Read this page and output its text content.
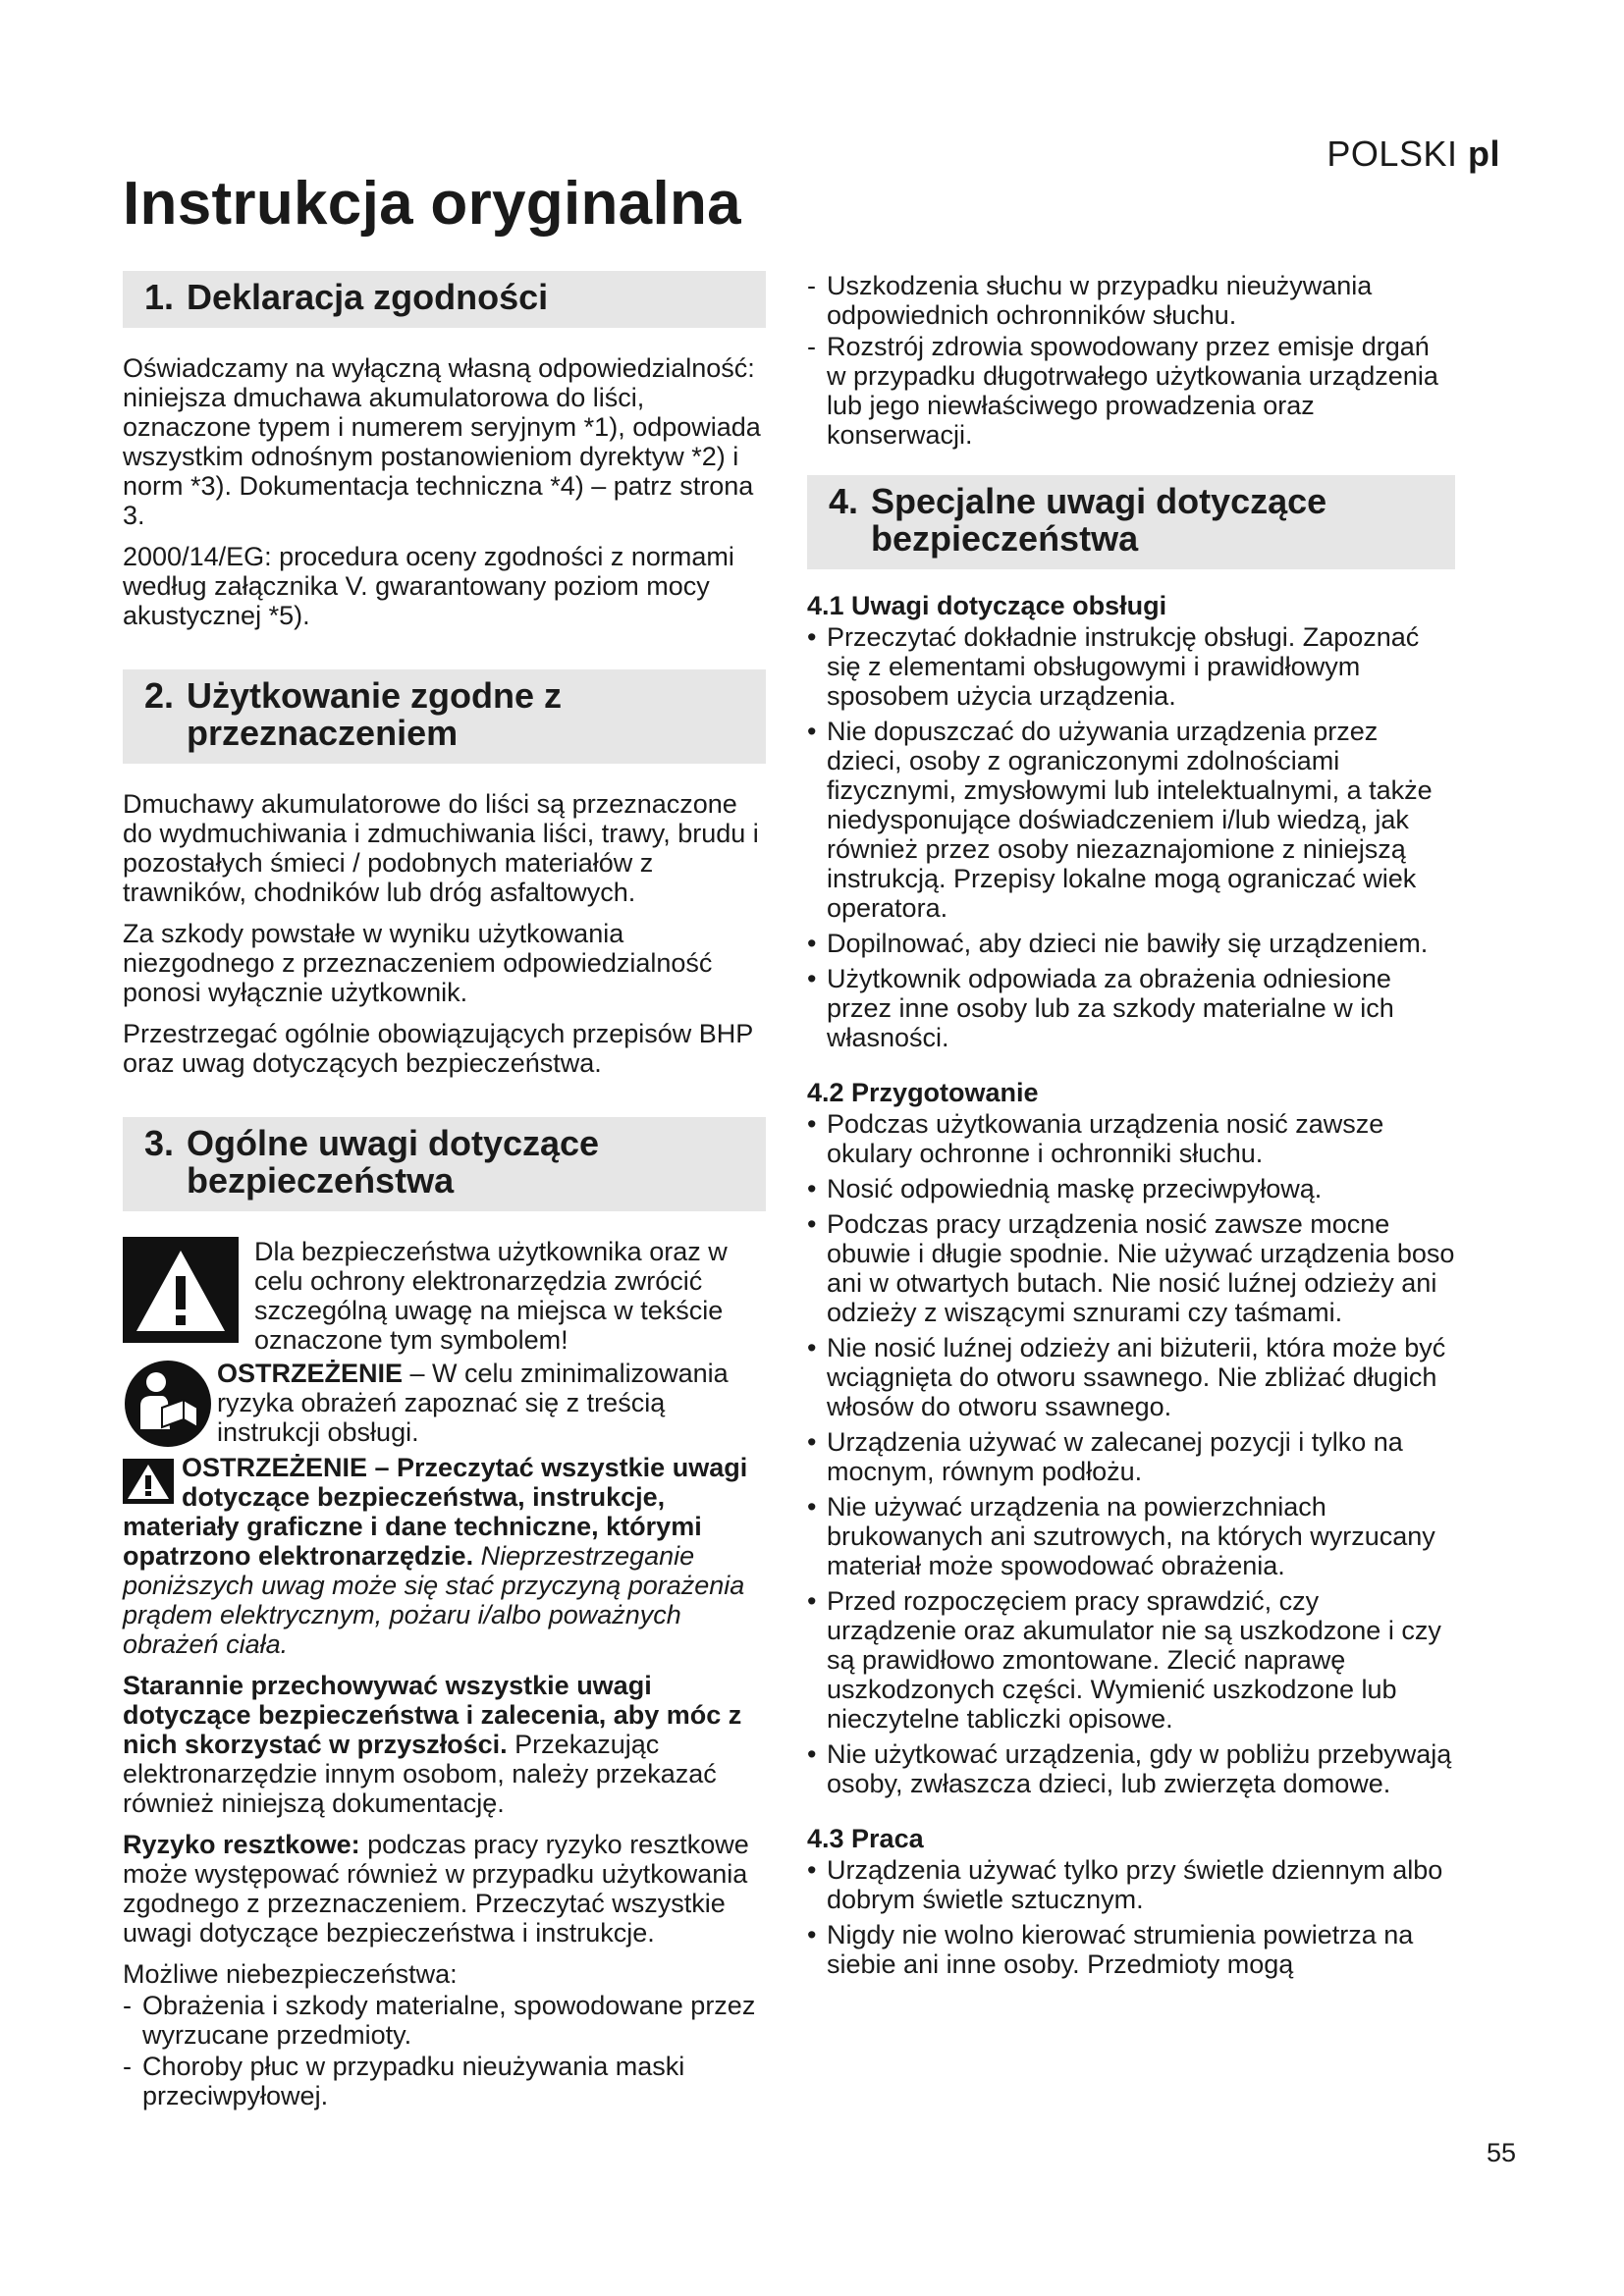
POLSKI pl
Instrukcja oryginalna
1. Deklaracja zgodności

Oświadczamy na wyłączną własną odpowiedzialność: niniejsza dmuchawa akumulatorowa do liści, oznaczone typem i numerem seryjnym *1), odpowiada wszystkim odnośnym postanowieniom dyrektyw *2) i norm *3). Dokumentacja techniczna *4) – patrz strona 3.

2000/14/EG: procedura oceny zgodności z normami według załącznika V. gwarantowany poziom mocy akustycznej *5).

2. Użytkowanie zgodne z
przeznaczeniem

Dmuchawy akumulatorowe do liści są przeznaczone do wydmuchiwania i zdmuchiwania liści, trawy, brudu i pozostałych śmieci / podobnych materiałów z trawników, chodników lub dróg asfaltowych.

Za szkody powstałe w wyniku użytkowania niezgodnego z przeznaczeniem odpowiedzialność ponosi wyłącznie użytkownik.

Przestrzegać ogólnie obowiązujących przepisów BHP oraz uwag dotyczących bezpieczeństwa.

3. Ogólne uwagi dotyczące
bezpieczeństwa

Dla bezpieczeństwa użytkownika oraz w celu ochrony elektronarzędzia zwrócić szczególną uwagę na miejsca w tekście oznaczone tym symbolem!

OSTRZEŻENIE – W celu zminimalizowania ryzyka obrażeń zapoznać się z treścią instrukcji obsługi.

OSTRZEŻENIE – Przeczytać wszystkie uwagi dotyczące bezpieczeństwa, instrukcje, materiały graficzne i dane techniczne, którymi opatrzono elektronarzędzie. Nieprzestrzeganie poniższych uwag może się stać przyczyną porażenia prądem elektrycznym, pożaru i/albo poważnych obrażeń ciała.

Starannie przechowywać wszystkie uwagi dotyczące bezpieczeństwa i zalecenia, aby móc z nich skorzystać w przyszłości. Przekazując elektronarzędzie innym osobom, należy przekazać również niniejszą dokumentację.

Ryzyko resztkowe: podczas pracy ryzyko resztkowe może występować również w przypadku użytkowania zgodnego z przeznaczeniem. Przeczytać wszystkie uwagi dotyczące bezpieczeństwa i instrukcje.

Możliwe niebezpieczeństwa:

- Obrażenia i szkody materialne, spowodowane przez wyrzucane przedmioty.
- Choroby płuc w przypadku nieużywania maski przeciwpyłowej.
- Uszkodzenia słuchu w przypadku nieużywania odpowiednich ochronników słuchu.
- Rozstrój zdrowia spowodowany przez emisje drgań w przypadku długotrwałego użytkowania urządzenia lub jego niewłaściwego prowadzenia oraz konserwacji.
4. Specjalne uwagi dotyczące
bezpieczeństwa
4.1 Uwagi dotyczące obsługi
• Przeczytać dokładnie instrukcję obsługi. Zapoznać się z elementami obsługowymi i prawidłowym sposobem użycia urządzenia.
• Nie dopuszczać do używania urządzenia przez dzieci, osoby z ograniczonymi zdolnościami fizycznymi, zmysłowymi lub intelektualnymi, a także niedysponujące doświadczeniem i/lub wiedzą, jak również przez osoby niezaznajomione z niniejszą instrukcją. Przepisy lokalne mogą ograniczać wiek operatora.
• Dopilnować, aby dzieci nie bawiły się urządzeniem.
• Użytkownik odpowiada za obrażenia odniesione przez inne osoby lub za szkody materialne w ich własności.
4.2 Przygotowanie
• Podczas użytkowania urządzenia nosić zawsze okulary ochronne i ochronniki słuchu.
• Nosić odpowiednią maskę przeciwpyłową.
• Podczas pracy urządzenia nosić zawsze mocne obuwie i długie spodnie. Nie używać urządzenia boso ani w otwartych butach. Nie nosić luźnej odzieży ani odzieży z wiszącymi sznurami czy taśmami.
• Nie nosić luźnej odzieży ani biżuterii, która może być wciągnięta do otworu ssawnego. Nie zbliżać długich włosów do otworu ssawnego.
• Urządzenia używać w zalecanej pozycji i tylko na mocnym, równym podłożu.
• Nie używać urządzenia na powierzchniach brukowanych ani szutrowych, na których wyrzucany materiał może spowodować obrażenia.
• Przed rozpoczęciem pracy sprawdzić, czy urządzenie oraz akumulator nie są uszkodzone i czy są prawidłowo zmontowane. Zlecić naprawę uszkodzonych części. Wymienić uszkodzone lub nieczytelne tabliczki opisowe.
• Nie użytkować urządzenia, gdy w pobliżu przebywają osoby, zwłaszcza dzieci, lub zwierzęta domowe.
4.3 Praca
• Urządzenia używać tylko przy świetle dziennym albo dobrym świetle sztucznym.
• Nigdy nie wolno kierować strumienia powietrza na siebie ani inne osoby. Przedmioty mogą
55
